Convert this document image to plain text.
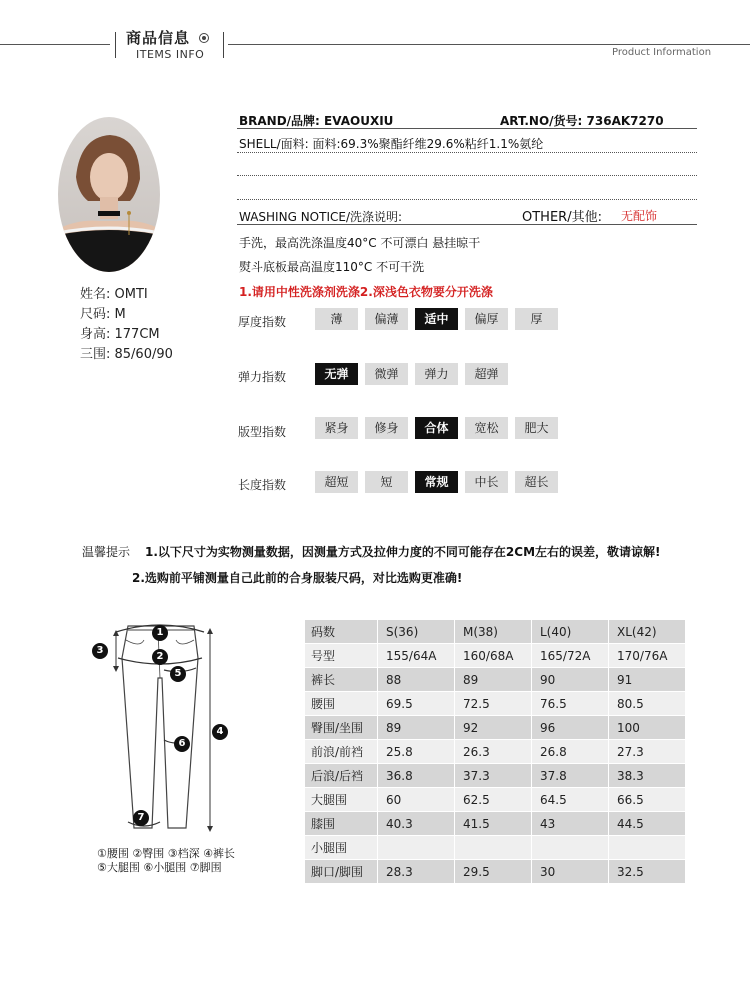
商品信息
ITEMS INFO	Product Information
姓名: OMTI
尺码: M
身高: 177CM
三围: 85/60/90
BRAND/品牌: EVAOUXIU	ART.NO/货号: 736AK7270
SHELL/面料: 面料:69.3%聚酯纤维29.6%粘纤1.1%氨纶
WASHING NOTICE/洗涤说明:	OTHER/其他: 无配饰
手洗，最高洗涤温度40°C 不可漂白 悬挂晾干
熨斗底板最高温度110°C 不可干洗
1.请用中性洗涤剂洗涤2.深浅色衣物要分开洗涤
厚度指数	薄	偏薄	适中	偏厚	厚
弹力指数	无弹	微弹	弹力	超弹
版型指数	紧身	修身	合体	宽松	肥大
长度指数	超短	短	常规	中长	超长
温馨提示 1.以下尺寸为实物测量数据，因测量方式及拉伸力度的不同可能存在2CM左右的误差，敬请谅解!
2.选购前平铺测量自己此前的合身服装尺码，对比选购更准确!
1
2
3
4
5
6
7
①腰围 ②臀围 ③档深 ④裤长
⑤大腿围 ⑥小腿围 ⑦脚围
码数	S(36)	M(38)	L(40)	XL(42)
号型	155/64A	160/68A	165/72A	170/76A
裤长	88	89	90	91
腰围	69.5	72.5	76.5	80.5
臀围/坐围	89	92	96	100
前浪/前裆	25.8	26.3	26.8	27.3
后浪/后裆	36.8	37.3	37.8	38.3
大腿围	60	62.5	64.5	66.5
膝围	40.3	41.5	43	44.5
小腿围				
脚口/脚围	28.3	29.5	30	32.5
